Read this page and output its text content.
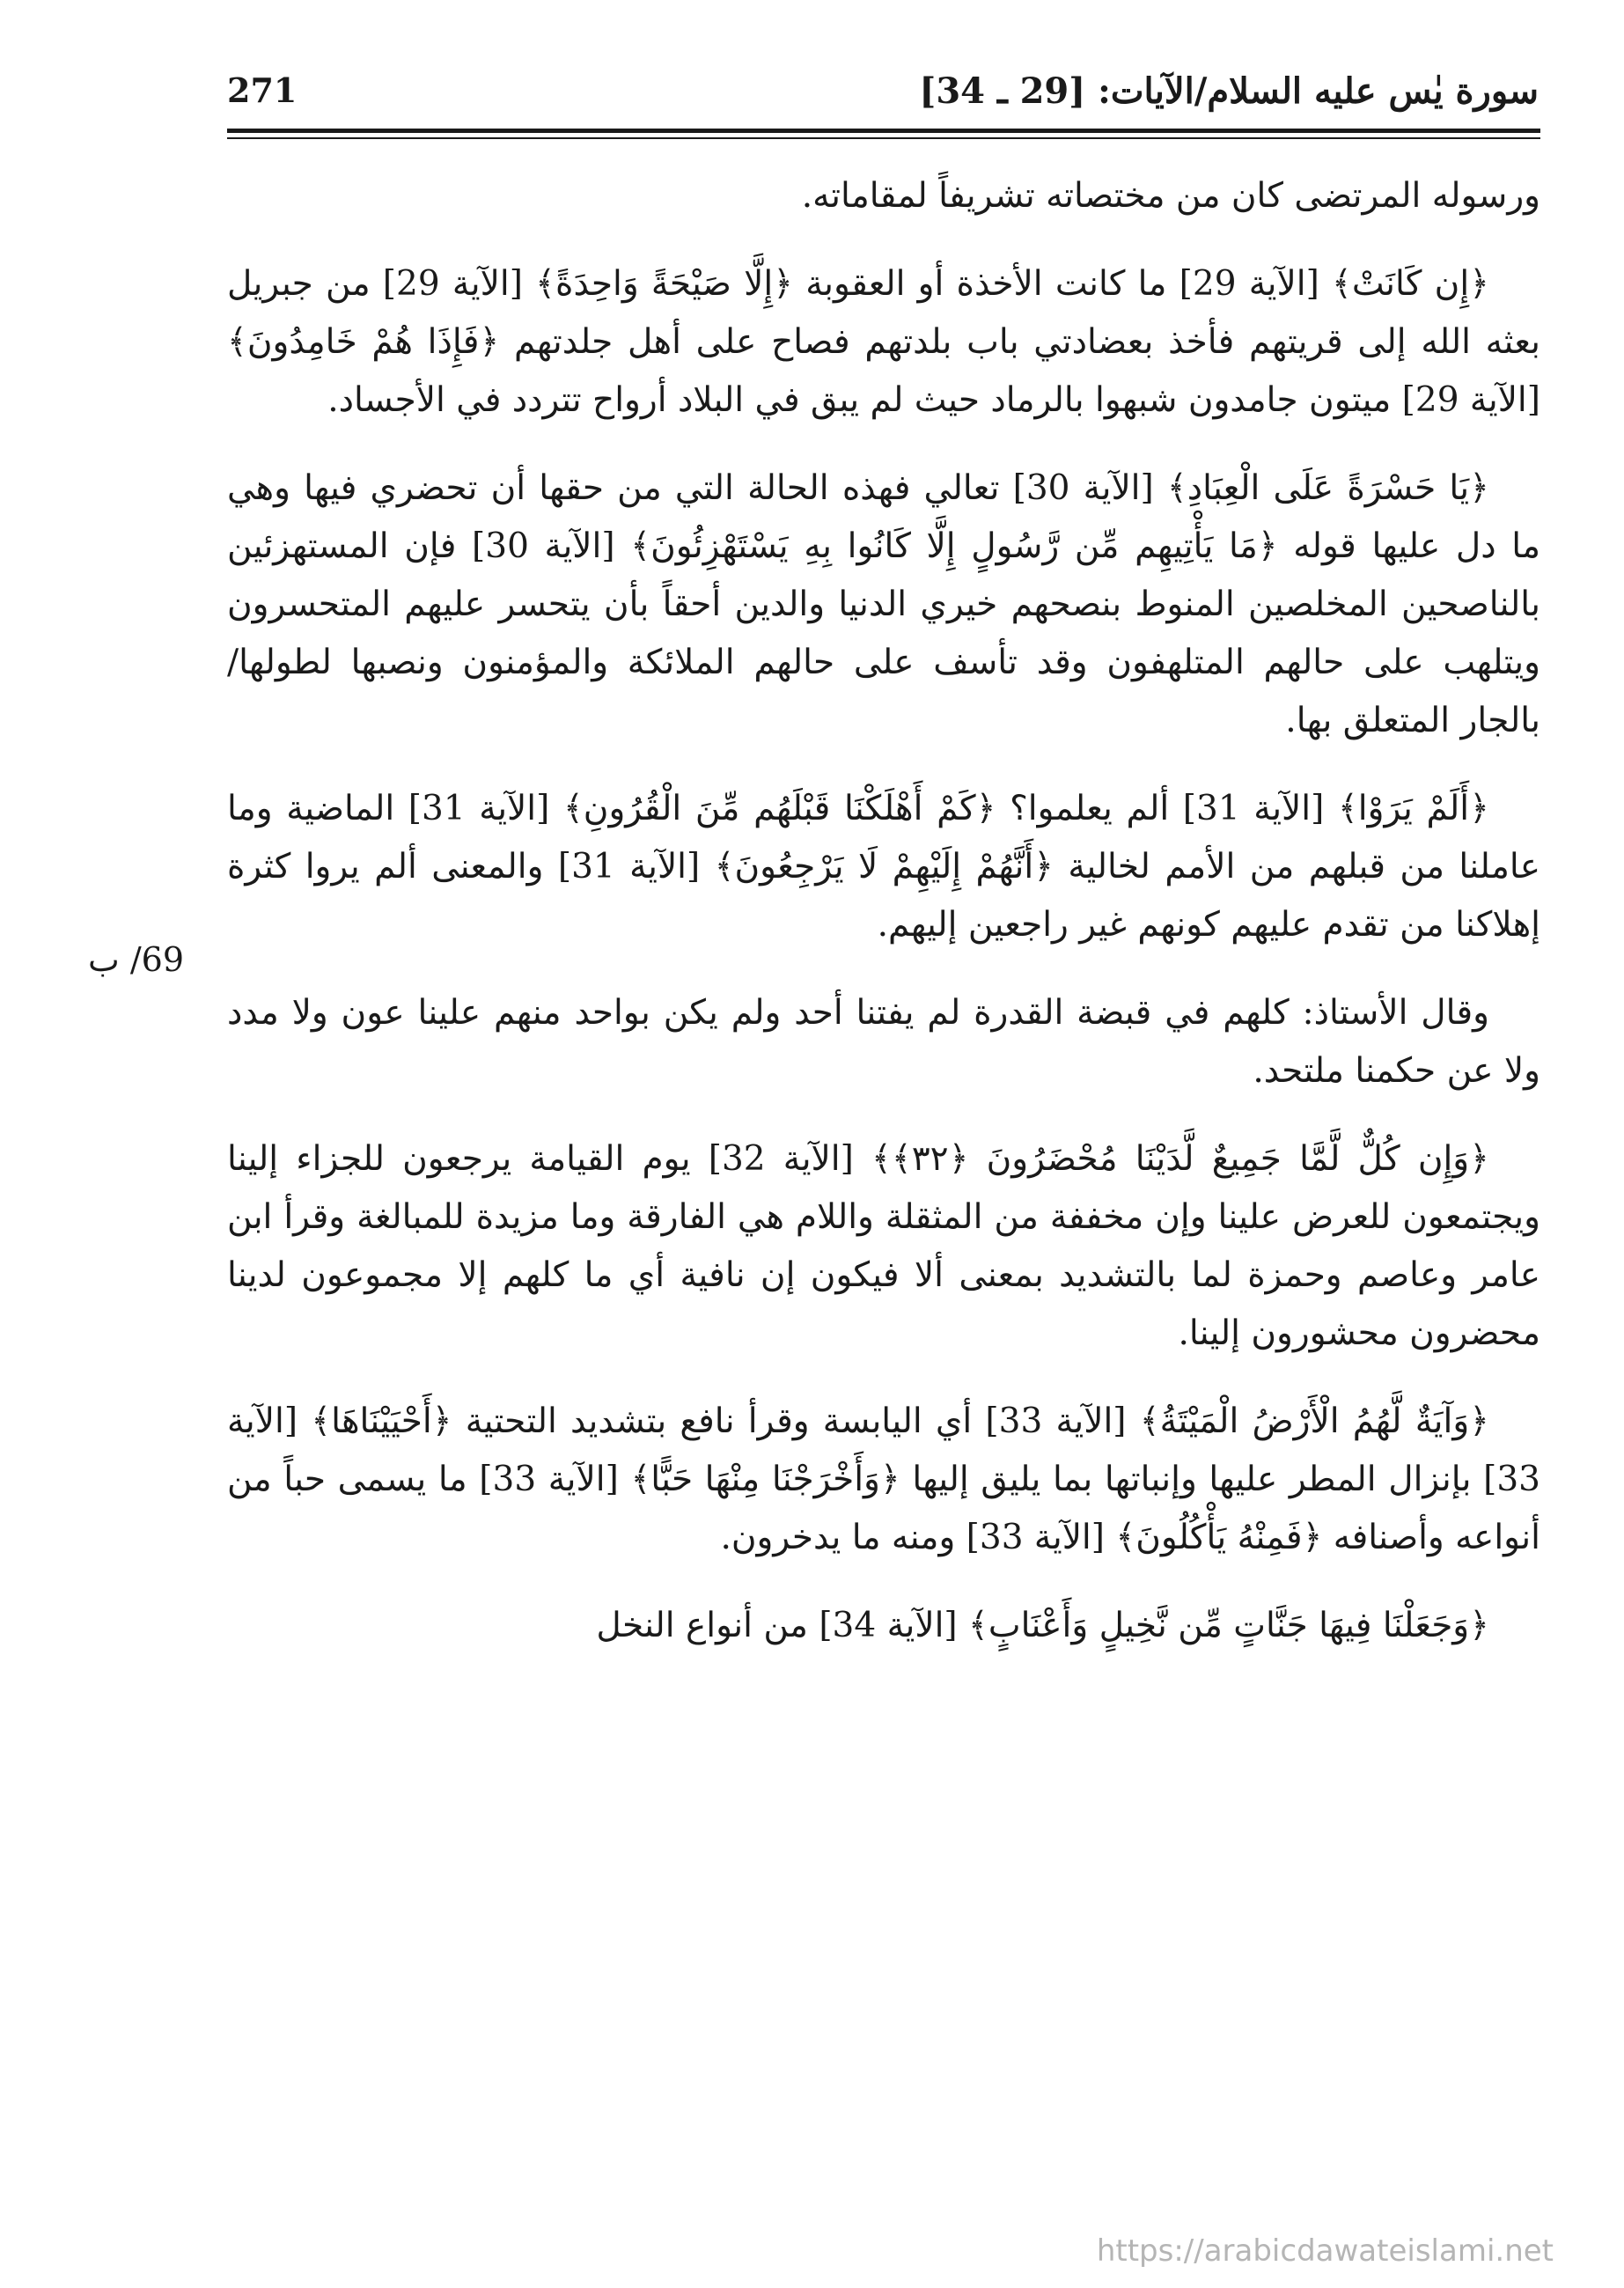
سورة يٰس عليه السلام/الآيات: [29 ـ 34]
271

ورسوله المرتضى كان من مختصاته تشريفاً لمقاماته.

﴿إِن كَانَتْ﴾ [الآية 29] ما كانت الأخذة أو العقوبة ﴿إِلَّا صَيْحَةً وَاحِدَةً﴾ [الآية 29] من جبريل بعثه الله إلى قريتهم فأخذ بعضادتي باب بلدتهم فصاح على أهل جلدتهم ﴿فَإِذَا هُمْ خَامِدُونَ﴾ [الآية 29] ميتون جامدون شبهوا بالرماد حيث لم يبق في البلاد أرواح تتردد في الأجساد.

﴿يَا حَسْرَةً عَلَى الْعِبَادِ﴾ [الآية 30] تعالي فهذه الحالة التي من حقها أن تحضري فيها وهي ما دل عليها قوله ﴿مَا يَأْتِيهِم مِّن رَّسُولٍ إِلَّا كَانُوا بِهِ يَسْتَهْزِئُونَ﴾ [الآية 30] فإن المستهزئين بالناصحين المخلصين المنوط بنصحهم خيري الدنيا والدين أحقاً بأن يتحسر عليهم المتحسرون ويتلهب على حالهم المتلهفون وقد تأسف على حالهم الملائكة والمؤمنون ونصبها لطولها/ بالجار المتعلق بها.

﴿أَلَمْ يَرَوْا﴾ [الآية 31] ألم يعلموا؟ ﴿كَمْ أَهْلَكْنَا قَبْلَهُم مِّنَ الْقُرُونِ﴾ [الآية 31] الماضية وما عاملنا من قبلهم من الأمم لخالية ﴿أَنَّهُمْ إِلَيْهِمْ لَا يَرْجِعُونَ﴾ [الآية 31] والمعنى ألم يروا كثرة إهلاكنا من تقدم عليهم كونهم غير راجعين إليهم.

وقال الأستاذ: كلهم في قبضة القدرة لم يفتنا أحد ولم يكن بواحد منهم علينا عون ولا مدد ولا عن حكمنا ملتحد.

﴿وَإِن كُلٌّ لَّمَّا جَمِيعٌ لَّدَيْنَا مُحْضَرُونَ ﴿٣٢﴾﴾ [الآية 32] يوم القيامة يرجعون للجزاء إلينا ويجتمعون للعرض علينا وإن مخففة من المثقلة واللام هي الفارقة وما مزيدة للمبالغة وقرأ ابن عامر وعاصم وحمزة لما بالتشديد بمعنى ألا فيكون إن نافية أي ما كلهم إلا مجموعون لدينا محضرون محشورون إلينا.

﴿وَآيَةٌ لَّهُمُ الْأَرْضُ الْمَيْتَةُ﴾ [الآية 33] أي اليابسة وقرأ نافع بتشديد التحتية ﴿أَحْيَيْنَاهَا﴾ [الآية 33] بإنزال المطر عليها وإنباتها بما يليق إليها ﴿وَأَخْرَجْنَا مِنْهَا حَبًّا﴾ [الآية 33] ما يسمى حباً من أنواعه وأصنافه ﴿فَمِنْهُ يَأْكُلُونَ﴾ [الآية 33] ومنه ما يدخرون.

﴿وَجَعَلْنَا فِيهَا جَنَّاتٍ مِّن نَّخِيلٍ وَأَعْنَابٍ﴾ [الآية 34] من أنواع النخل

69/ ب
https://arabicdawateislami.net
